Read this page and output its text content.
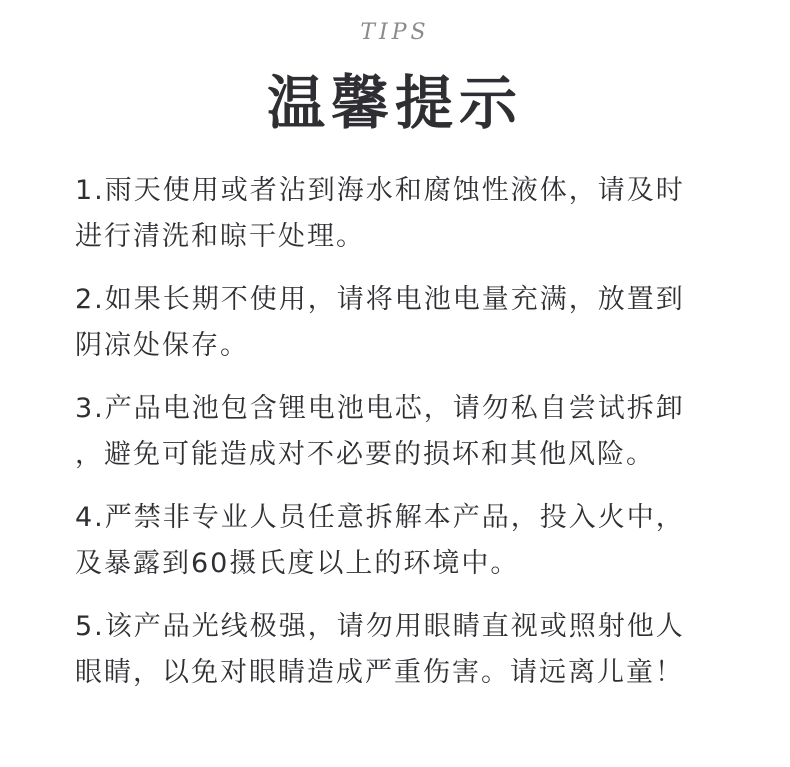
TIPS
温馨提示
1.雨天使用或者沾到海水和腐蚀性液体，请及时
进行清洗和晾干处理。
2.如果长期不使用，请将电池电量充满，放置到
阴凉处保存。
3.产品电池包含锂电池电芯，请勿私自尝试拆卸
，避免可能造成对不必要的损坏和其他风险。
4.严禁非专业人员任意拆解本产品，投入火中，
及暴露到60摄氏度以上的环境中。
5.该产品光线极强，请勿用眼睛直视或照射他人
眼睛，以免对眼睛造成严重伤害。请远离儿童！
